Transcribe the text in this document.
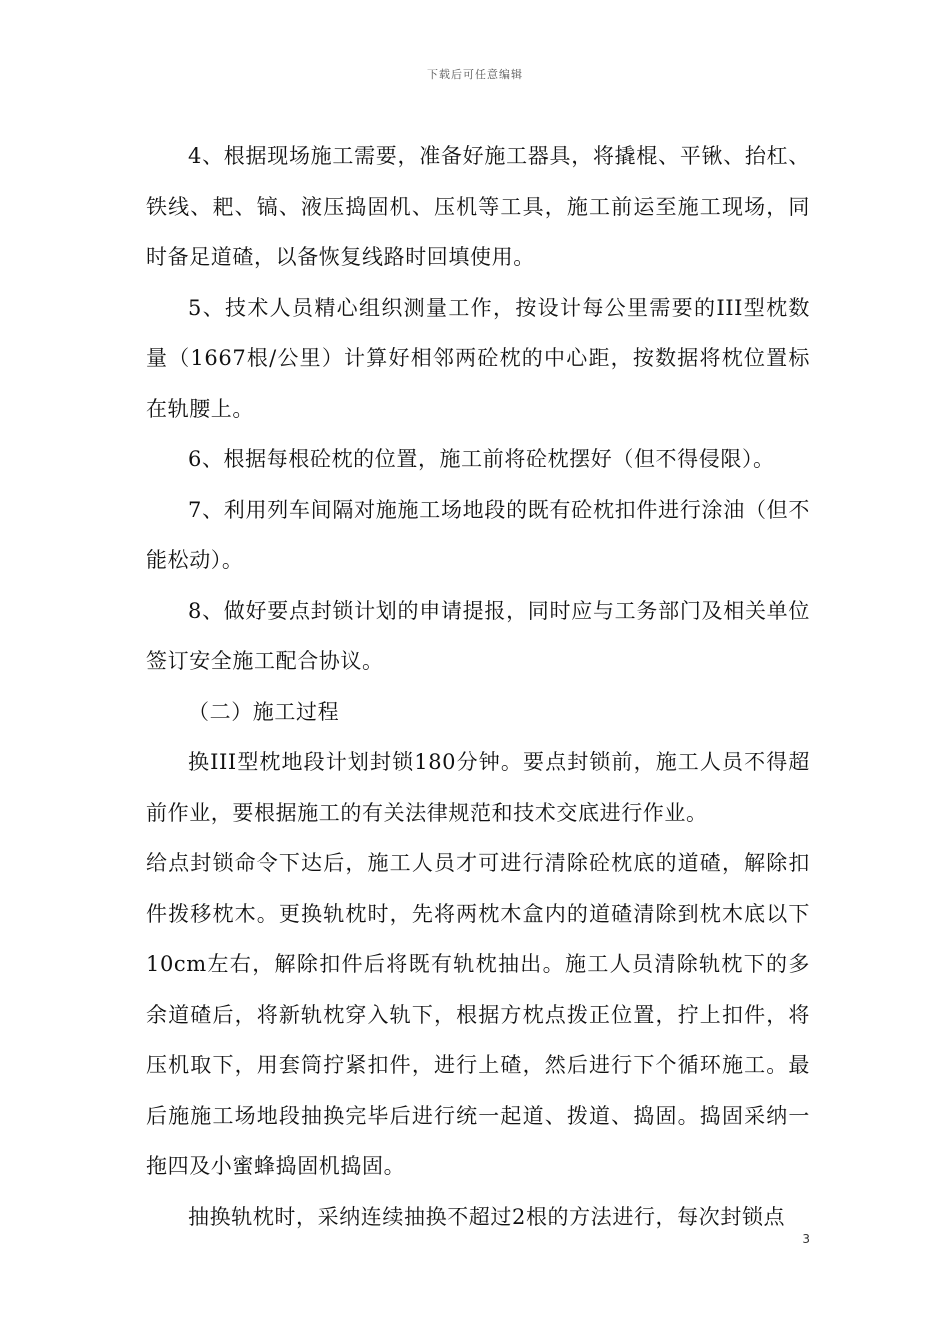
下载后可任意编辑

4、根据现场施工需要，准备好施工器具，将撬棍、平锹、抬杠、铁线、耙、镐、液压捣固机、压机等工具，施工前运至施工现场，同时备足道碴，以备恢复线路时回填使用。

5、技术人员精心组织测量工作，按设计每公里需要的III型枕数量（1667根/公里）计算好相邻两砼枕的中心距，按数据将枕位置标在轨腰上。

6、根据每根砼枕的位置，施工前将砼枕摆好（但不得侵限）。

7、利用列车间隔对施施工场地段的既有砼枕扣件进行涂油（但不能松动）。

8、做好要点封锁计划的申请提报，同时应与工务部门及相关单位签订安全施工配合协议。

（二）施工过程

换III型枕地段计划封锁180分钟。要点封锁前，施工人员不得超前作业，要根据施工的有关法律规范和技术交底进行作业。

给点封锁命令下达后，施工人员才可进行清除砼枕底的道碴，解除扣件拨移枕木。更换轨枕时，先将两枕木盒内的道碴清除到枕木底以下10cm左右，解除扣件后将既有轨枕抽出。施工人员清除轨枕下的多余道碴后，将新轨枕穿入轨下，根据方枕点拨正位置，拧上扣件，将压机取下，用套筒拧紧扣件，进行上碴，然后进行下个循环施工。最后施施工场地段抽换完毕后进行统一起道、拨道、捣固。捣固采纳一拖四及小蜜蜂捣固机捣固。

抽换轨枕时，采纳连续抽换不超过2根的方法进行，每次封锁点

3
